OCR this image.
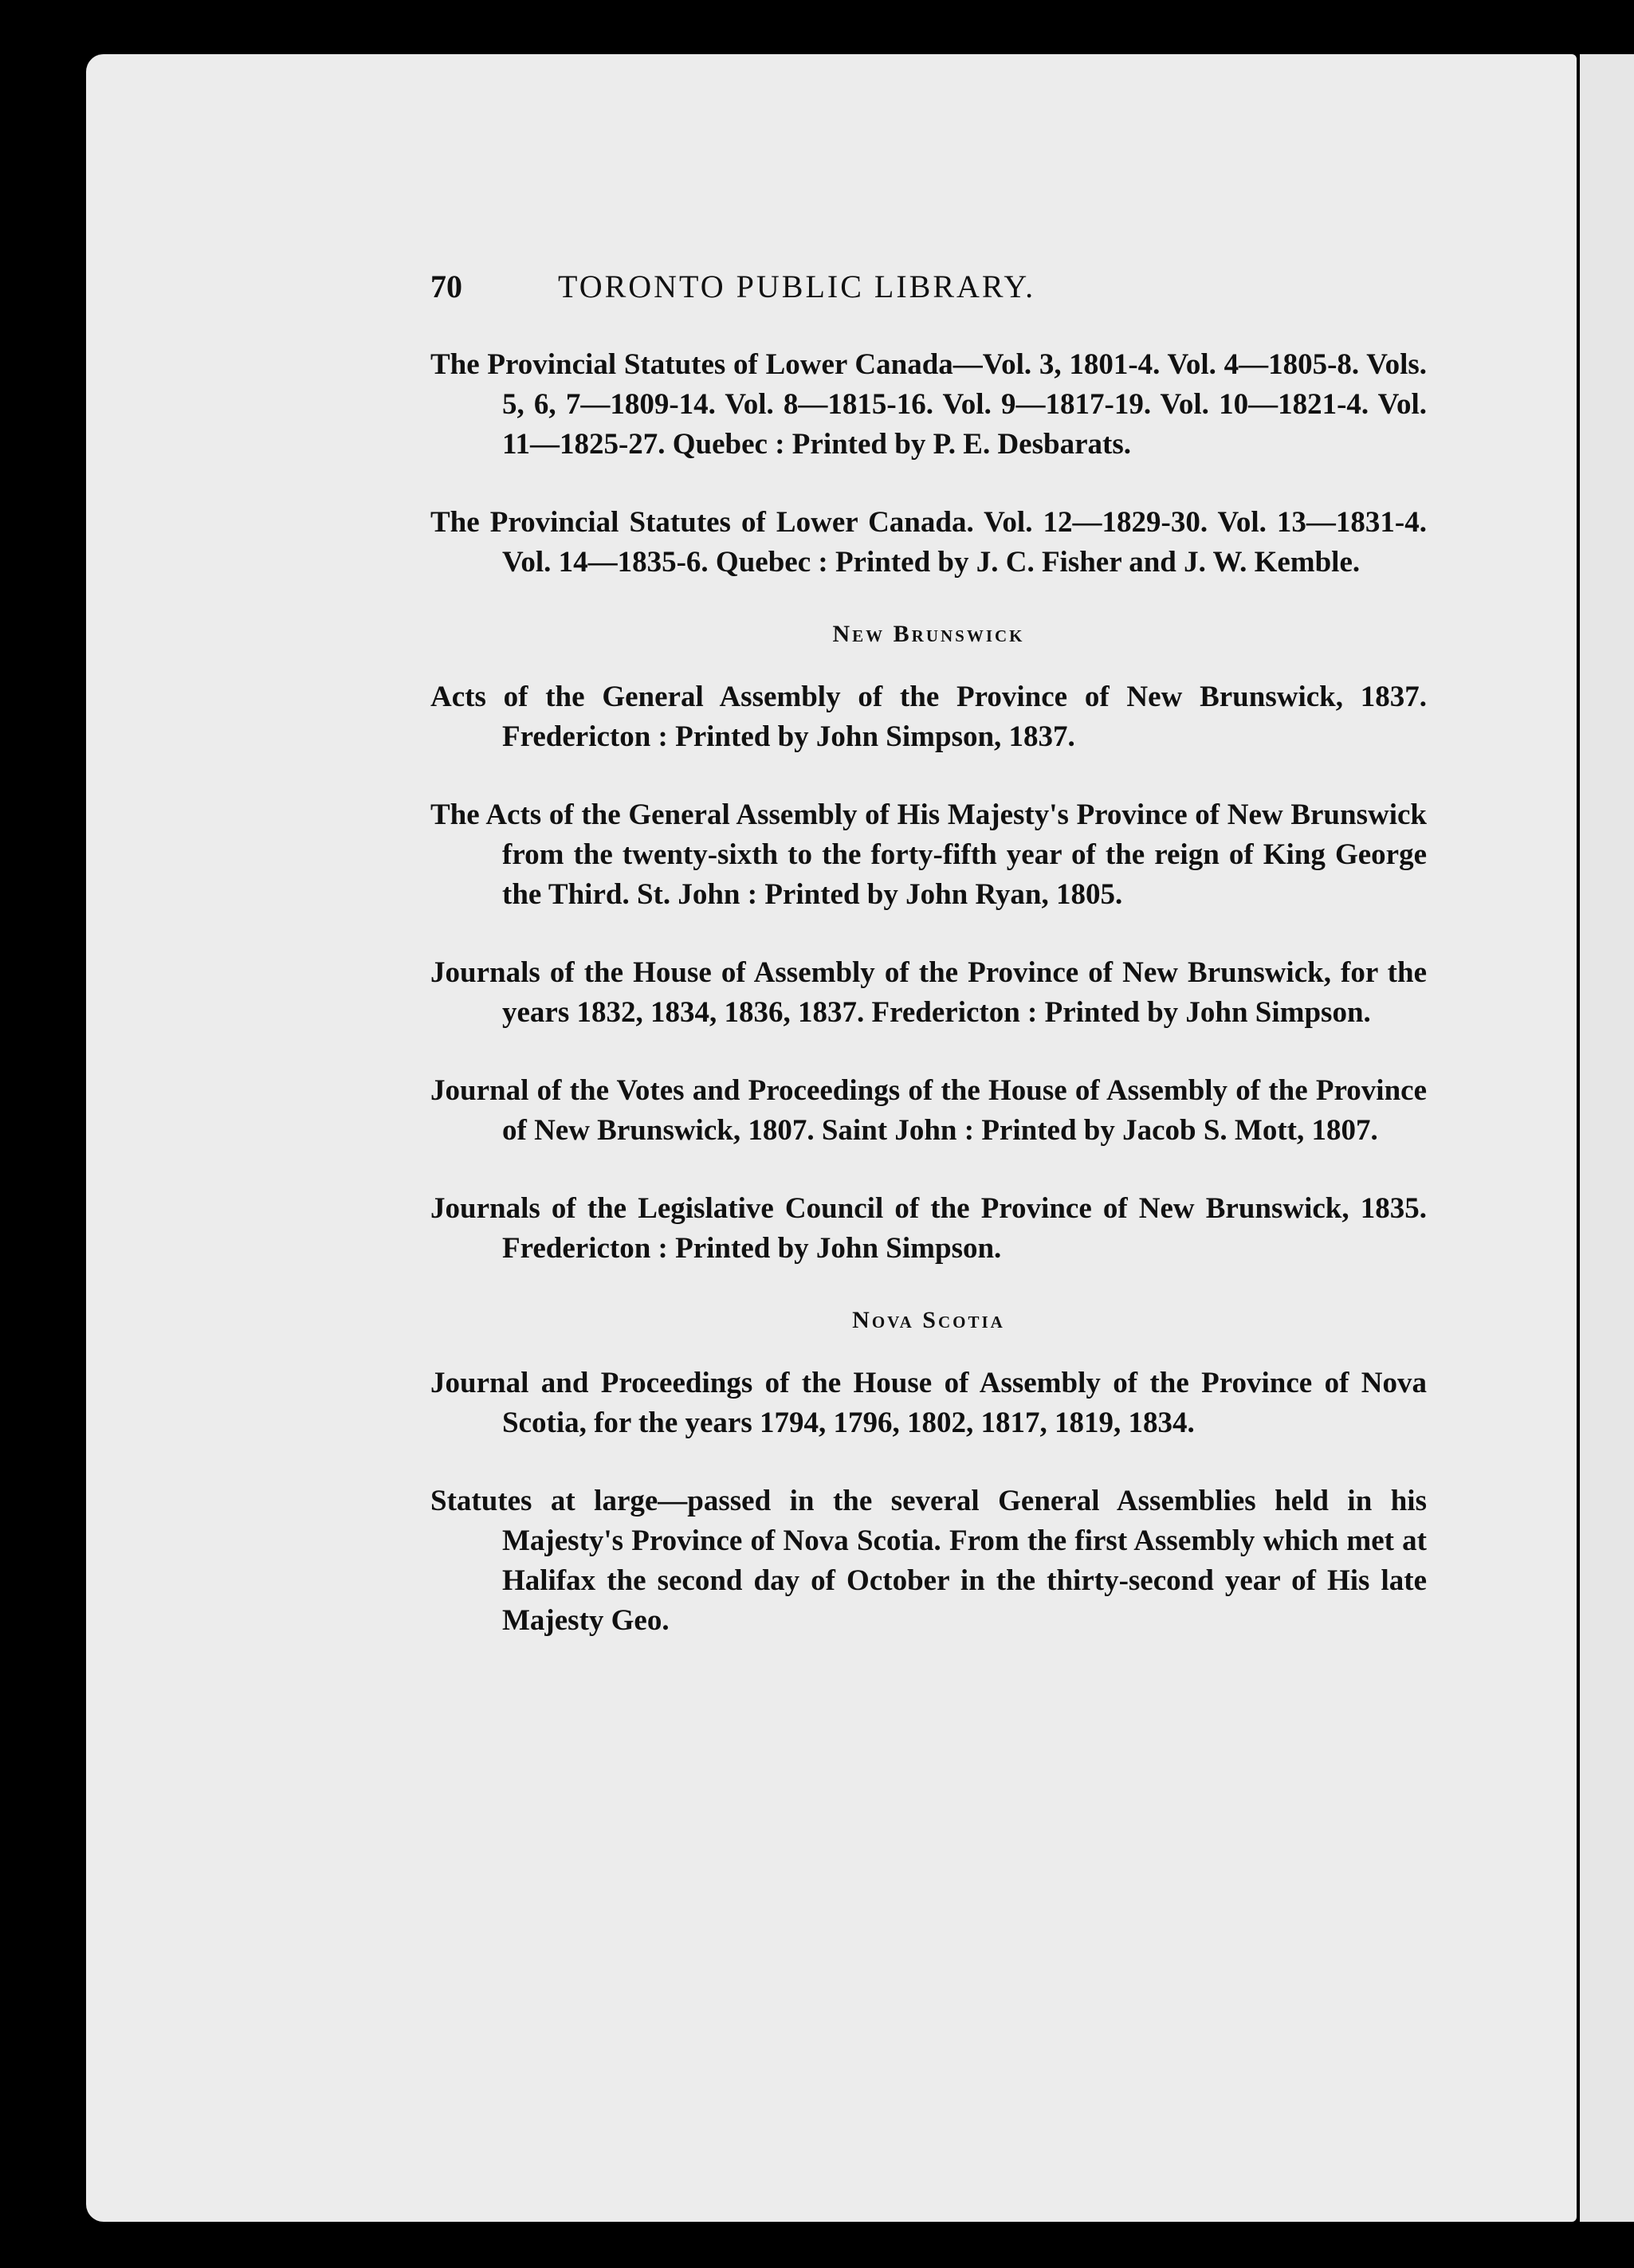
70	TORONTO PUBLIC LIBRARY.

The Provincial Statutes of Lower Canada—Vol. 3, 1801-4. Vol. 4—1805-8. Vols. 5, 6, 7—1809-14. Vol. 8—1815-16. Vol. 9—1817-19. Vol. 10—1821-4. Vol. 11—1825-27. Quebec : Printed by P. E. Desbarats.

The Provincial Statutes of Lower Canada. Vol. 12—1829-30. Vol. 13—1831-4. Vol. 14—1835-6. Quebec : Printed by J. C. Fisher and J. W. Kemble.

New Brunswick

Acts of the General Assembly of the Province of New Brunswick, 1837. Fredericton : Printed by John Simpson, 1837.

The Acts of the General Assembly of His Majesty's Province of New Brunswick from the twenty-sixth to the forty-fifth year of the reign of King George the Third. St. John : Printed by John Ryan, 1805.

Journals of the House of Assembly of the Province of New Brunswick, for the years 1832, 1834, 1836, 1837. Fredericton : Printed by John Simpson.

Journal of the Votes and Proceedings of the House of Assembly of the Province of New Brunswick, 1807. Saint John : Printed by Jacob S. Mott, 1807.

Journals of the Legislative Council of the Province of New Brunswick, 1835. Fredericton : Printed by John Simpson.

Nova Scotia

Journal and Proceedings of the House of Assembly of the Province of Nova Scotia, for the years 1794, 1796, 1802, 1817, 1819, 1834.

Statutes at large—passed in the several General Assemblies held in his Majesty's Province of Nova Scotia. From the first Assembly which met at Halifax the second day of October in the thirty-second year of His late Majesty Geo.
